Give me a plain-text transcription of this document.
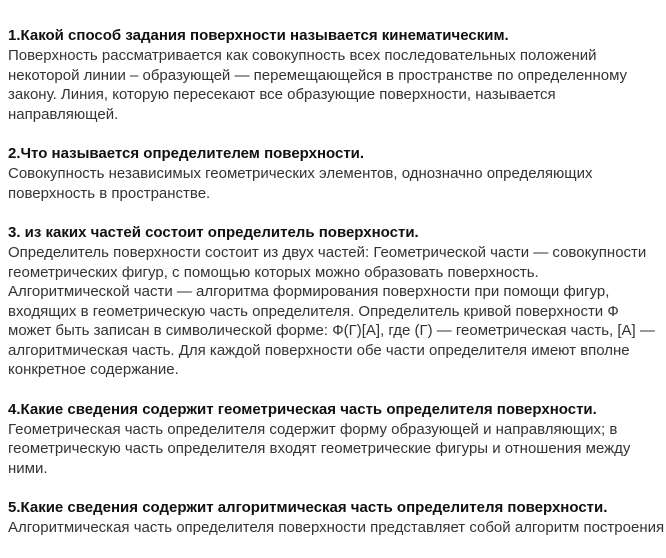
1.Какой способ задания поверхности называется кинематическим.

Поверхность рассматривается как совокупность всех последовательных положений
некоторой линии – образующей — перемещающейся в пространстве по определенному
закону. Линия, которую пересекают все образующие поверхности, называется
направляющей.

2.Что называется определителем поверхности.

Совокупность независимых геометрических элементов, однозначно определяющих
поверхность в пространстве.

3. из каких частей состоит определитель поверхности.

Определитель поверхности состоит из двух частей: Геометрической части — совокупности
геометрических фигур, с помощью которых можно образовать поверхность.
Алгоритмической части — алгоритма формирования поверхности при помощи фигур,
входящих в геометрическую часть определителя. Определитель кривой поверхности Ф
может быть записан в символической форме: Ф(Г)[A], где (Г) — геометрическая часть, [A] —
алгоритмическая часть. Для каждой поверхности обе части определителя имеют вполне
конкретное содержание.

4.Какие сведения содержит геометрическая часть определителя поверхности.

Геометрическая часть определителя содержит форму образующей и направляющих; в
геометрическую часть определителя входят геометрические фигуры и отношения между
ними.

5.Какие сведения содержит алгоритмическая часть определителя поверхности.

Алгоритмическая часть определителя поверхности представляет собой алгоритм построения
